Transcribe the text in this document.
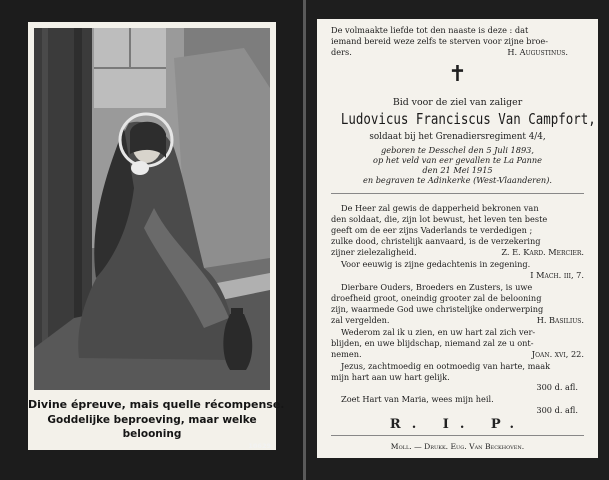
Divine épreuve, mais quelle récompense.
Goddelijke beproeving, maar welke
belooning
10629
De volmaakte liefde tot den naaste is deze : dat
iemand bereid weze zelfs te sterven voor zijne broe-
ders.	H. Augustinus.
✝
Bid voor de ziel van zaliger
Ludovicus Franciscus Van Campfort,
soldaat bij het Grenadiersregiment 4/4,
geboren te Desschel den 5 Juli 1893,
op het veld van eer gevallen te La Panne
den 21 Mei 1915
en begraven te Adinkerke (West-Vlaanderen).
De Heer zal gewis de dapperheid bekronen van
den soldaat, die, zijn lot bewust, het leven ten beste
geeft om de eer zijns Vaderlands te verdedigen ;
zulke dood, christelijk aanvaard, is de verzekering
zijner zielezaligheid.	Z. E. Kard. Mercier.
Voor eeuwig is zijne gedachtenis in zegening.
I Mach. iii, 7.
Dierbare Ouders, Broeders en Zusters, is uwe
droefheid groot, oneindig grooter zal de belooning
zijn, waarmede God uwe christelijke onderwerping
zal vergelden.	H. Basilius.
Wederom zal ik u zien, en uw hart zal zich ver-
blijden, en uwe blijdschap, niemand zal ze u ont-
nemen.	Joan. xvi, 22.
Jezus, zachtmoedig en ootmoedig van harte, maak
mijn hart aan uw hart gelijk.
300 d. afl.
Zoet Hart van Maria, wees mijn heil.
300 d. afl.
R. I. P.
Moll. — Drukk. Eug. Van Beckhoven.
